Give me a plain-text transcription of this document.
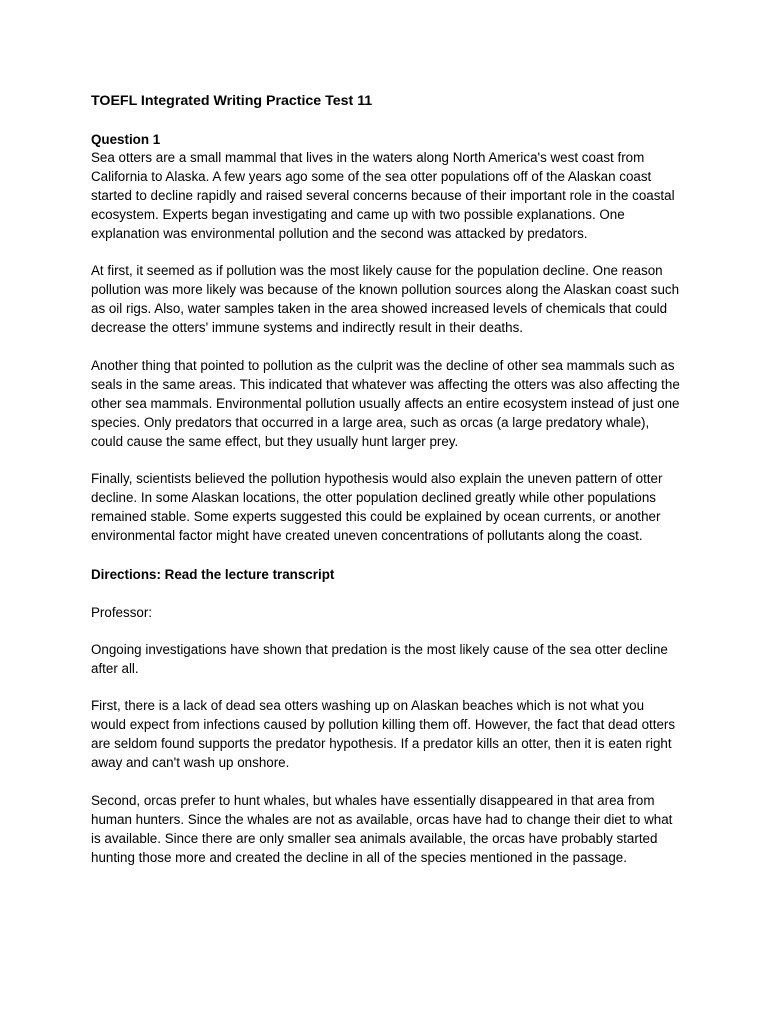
TOEFL Integrated Writing Practice Test 11
Question 1

Sea otters are a small mammal that lives in the waters along North America's west coast from California to Alaska. A few years ago some of the sea otter populations off of the Alaskan coast started to decline rapidly and raised several concerns because of their important role in the coastal ecosystem. Experts began investigating and came up with two possible explanations. One explanation was environmental pollution and the second was attacked by predators.

At first, it seemed as if pollution was the most likely cause for the population decline. One reason pollution was more likely was because of the known pollution sources along the Alaskan coast such as oil rigs. Also, water samples taken in the area showed increased levels of chemicals that could decrease the otters' immune systems and indirectly result in their deaths.

Another thing that pointed to pollution as the culprit was the decline of other sea mammals such as seals in the same areas. This indicated that whatever was affecting the otters was also affecting the other sea mammals. Environmental pollution usually affects an entire ecosystem instead of just one species. Only predators that occurred in a large area, such as orcas (a large predatory whale), could cause the same effect, but they usually hunt larger prey.

Finally, scientists believed the pollution hypothesis would also explain the uneven pattern of otter decline. In some Alaskan locations, the otter population declined greatly while other populations remained stable. Some experts suggested this could be explained by ocean currents, or another environmental factor might have created uneven concentrations of pollutants along the coast.

Directions: Read the lecture transcript
Professor:

Ongoing investigations have shown that predation is the most likely cause of the sea otter decline after all.

First, there is a lack of dead sea otters washing up on Alaskan beaches which is not what you would expect from infections caused by pollution killing them off. However, the fact that dead otters are seldom found supports the predator hypothesis. If a predator kills an otter, then it is eaten right away and can't wash up onshore.

Second, orcas prefer to hunt whales, but whales have essentially disappeared in that area from human hunters. Since the whales are not as available, orcas have had to change their diet to what is available. Since there are only smaller sea animals available, the orcas have probably started hunting those more and created the decline in all of the species mentioned in the passage.
